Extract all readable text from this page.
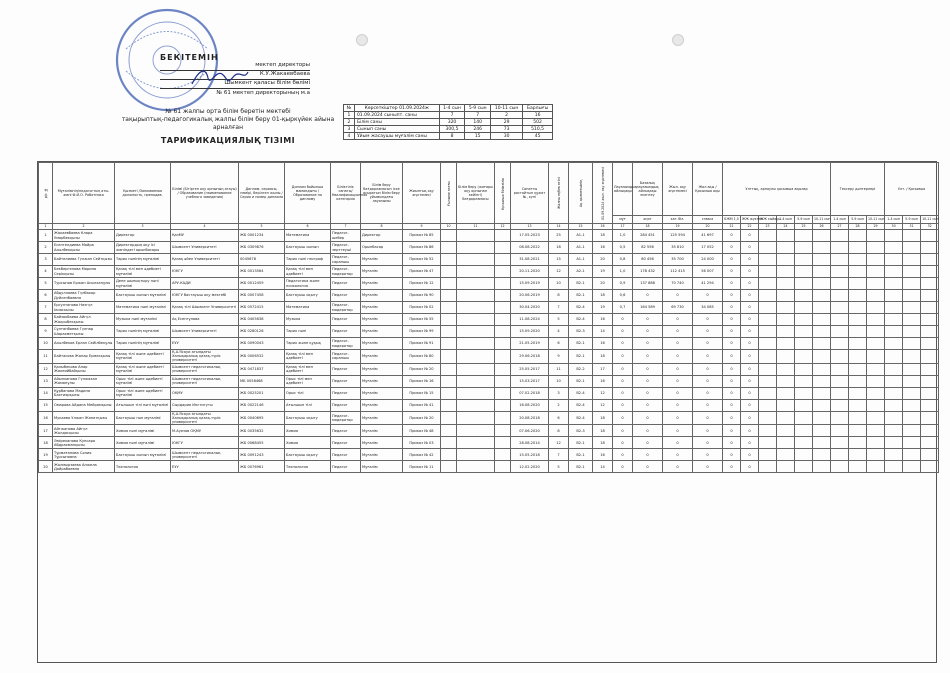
БЕКІТЕМІН
мектеп директоры
К.У.Жакаевбаева
Шымкент қаласы білім бөлімі
№ 61 мектеп директорының м.а
№ 61 жалпы орта білім беретін мектебі
тақырыптық-педагогикалық жалпы білім беру 01-қыркүйек айына арналған
ТАРИФИКАЦИЯЛЫҚ ТІЗІМІ
№	Көрсеткіштер 01.09.2024ж	1-4 сын	5-9 сын	10-11 сын	Барлығы
1	01.09.2024 сыныпт. саны	7	7	2	16
2	Білім саны	320	140	29	502
3	Сынып саны	300,5	246	73	510,5
4	Ұйым жасаушы мұғалім саны	8	15	30	45
р/с №	Мұғалімнің/педагогтың аты-жөні Ф.И.О. Работника	Қызметі /Занимаемая должность, преподав.	Білімі (Бітірген оқу орнының атауы) / Образование (наименование учебного заведения)	Диплом. сериясы, нөмірі, берілген жылы / Серия и номер диплома	Диплом бойынша мамандығы / Образование по диплому	Біліктілік санаты/Квалификационная категория	Білім беру бағдарламасын іске асыратын білім беру ұйымындағы лауазымы	Жиынтық оқу жүктемесі	Ғылыми атағы	Білім беру (жоғары оқу орнынан кейінгі) бағдарламасы	Қосымша біліктілік	Санатты растайтын құжат №, күні	Жалпы еңбек өтілі	Ақ. қызметшінің	01.09.2024 жыл. оқу жүктемесі	Лауазымдық айлықақы	Базалық лауазымдық айлықақы есептеу	Жыл. оқу жүктемесі	Жол ақы / Қосымша ақы	Ұлттық, арнаулы қосымша ақылар						Тексеру дәптерлері			Ұлт. / Қосымша		
																мұғ	жүкт	кат. біл.	ставка	БЖМ 1,5	ЖЖ жүктем	ЖЖ сыйақы	1-4 сын	5-9 сын	10-11 сын	1-4 сын	5-9 сын	10-11 сын	1-4 сын	5-9 сын	10-11 сын
1	2	3	4	5	6	7	8	9	10	11	12	13	14	15	16	17	18	19	20	21	22	23	24	25	26	27	28	29	30	31	32
1	Жакаевбаева Клара Умарбекқызы	Директор	ҚазМУ	ЖБ 0001234	Математика	Педагог-шебер	Директор	Приказ № 85				17.05.2023	25	A1-1	18	1,0	284 451	125 594	41 697	0	0										
2	Есенгелдиева Майра Асылбекқызы	Директордың оқу ісі жөніндегі орынбасары	Шымкент Университеті	ЖБ 0309876	Бастауыш сынып	Педагог-зерттеуші	Орынбасар	Приказ № 86				08.08.2022	18	A1-1	16	0,5	82 556	35 810	17 052	0	0										
3	Байтелиева Гүлжан Сейтқызы	Тарих пәнінің мұғалімі	Қазақ әйел Университеті	0045678	Тарих пәні географ	Педагог-сарапшы	Мұғалім	Приказ № 52				31.08.2021	15	A1-1	20	0,8	80 456	35 700	24 000	0	0										
4	Бекбергенова Марина Серікқызы	Қазақ тілі мен әдебиеті мұғалімі	ЮКГУ	ЖБ 0013564	Қазақ тілі мен әдебиеті	Педагог-модератор	Мұғалім	Приказ № 47				20.11.2020	12	A2-1	19	1,0	178 432	112 415	56 007	0	0										
5	Турсынов Ержан Асылханұлы	Дене шынықтыру пәні мұғалімі	АРУ-КАДИ	ЖБ 0012459	Педагогика және психология	Педагог	Мұғалім	Приказ № 12				15.09.2019	10	B2-1	20	0,9	137 888	70 740	41 294	0	0										
6	Абдуллаева Гүлбахор Дүйсенбаевна	Бастауыш сынып мұғалімі	ЮКГУ бастауыш оқу мектебі	ЖБ 0007458	Бастауыш оқыту	Педагог	Мұғалім	Приказ № 90				20.06.2019	8	B2-1	18	0,6	0	0	0	0	0										
7	Ерсултанова Назгүл Ілияскызы	Математика пәні мұғалімі	Қазақ тілі Шымкент Университеті	ЖБ 0572415	Математика	Педагог-модератор	Мұғалім	Приказ № 02				30.04.2020	7	B2-4	19	0,7	164 589	69 730	34 085	0	0										
8	Байзакбаева Айгүл Жақсыбекқызы	Музыка пәні мұғалімі	Ақ Есенгұлова	ЖБ 0405638	Музыка	Педагог	Мұғалім	Приказ № 55				11.08.2024	5	B2-4	16	0	0	0	0	0	0										
9	Сұлтанбаева Гүлнар Шарахметқызы	Тарих пәнінің мұғалімі	Шымкент Университеті	ЖБ 0280126	Тарих пәні	Педагог	Мұғалім	Приказ № 99				15.09.2020	4	B2-3	14	0	0	0	0	0	0										
10	Асылбеков Ерлан Сейілбекұлы	Тарих пәнінің мұғалімі	ЕҰУ	ЖБ 0090043	Тарих және құқық	Педагог-модератор	Мұғалім	Приказ № 91				21.05.2019	6	B2-1	16	0	0	0	0	0	0										
11	Байтасова Жанар Ермекқызы	Қазақ тілі және әдебиеті мұғалімі	Қ.А.Ясауи атындағы Халықаралық қазақ-түрік университеті	ЖБ 0006532	Қазақ тілі мен әдебиеті	Педагог-сарапшы	Мұғалім	Приказ № 80				29.06.2018	9	B2-1	18	0	0	0	0	0	0										
12	Қалыбекова Анар Жакеийбайқызы	Қазақ тілі және әдебиеті мұғалімі	Шымкент педагогикалық университеті	ЖБ 0471837	Қазақ тілі мен әдебиеті	Педагог	Мұғалім	Приказ № 20				25.05.2017	11	B2-2	17	0	0	0	0	0	0										
13	Айыпханова Гүлжахан Жаманұлы	Орыс тілі және әдебиеті мұғалімі	Шымкент педагогикалық университеті	МБ 0058468	Орыс тілі мен әдебиеті	Педагог	Мұғалім	Приказ № 16				15.03.2017	10	B2-1	16	0	0	0	0	0	0										
14	Құрбанова Мадина Бахтиярқызы	Орыс тілі және әдебиеті мұғалімі	ОҚМУ	ЖБ 0025201	Орыс тілі	Педагог	Мұғалім	Приказ № 15				07.02.2018	3	B2-4	12	0	0	0	0	0	0										
15	Омарова Айдана Мейрамқызы	Ағылшын тілі пәні мұғалімі	Сырдария Институты	ЖБ 0022146	Ағылшын тілі	Педагог	Мұғалім	Приказ № 41				16.08.2020	2	B2-4	12	0	0	0	0	0	0										
16	Мукаева Улжан Жанатқызы	Бастауыш пән мұғалімі	Қ.А.Ясауи атындағы Халықаралық қазақ-түрік университеті	ЖБ 0040695	Бастауыш оқыту	Педагог-модератор	Мұғалім	Приказ № 20				20.08.2018	6	B2-4	18	0	0	0	0	0	0										
17	Айтжанова Айгүл Жолдасқызы	Химия пәні мұғалімі	М.Ауезов ОҚМУ	ЖБ 0035632	Химия	Педагог	Мұғалім	Приказ № 48				07.06.2020	8	B2-3	18	0	0	0	0	0	0										
18	Әміреханова Кунсара Абдрахманқызы	Химия пәні мұғалімі	ЮКГУ	ЖБ 0068455	Химия	Педагог	Мұғалім	Приказ № 03				28.08.2014	12	B2-1	18	0	0	0	0	0	0										
19	Тұрмағанова Сәния Тұрсыновна	Бастауыш сынып мұғалімі	Шымкент педагогикалық университеті	ЖБ 0091243	Бастауыш оқыту	Педагог	Мұғалім	Приказ № 42				15.05.2018	7	B2-1	16	0	0	0	0	0	0										
20	Жолмырзаева Анжела Дайрабаевна	Технология	ЕҰУ	ЖБ 0076961	Технология	Педагог	Мұғалім	Приказ № 11				12.02.2020	5	B2-1	14	0	0	0	0	0	0										
